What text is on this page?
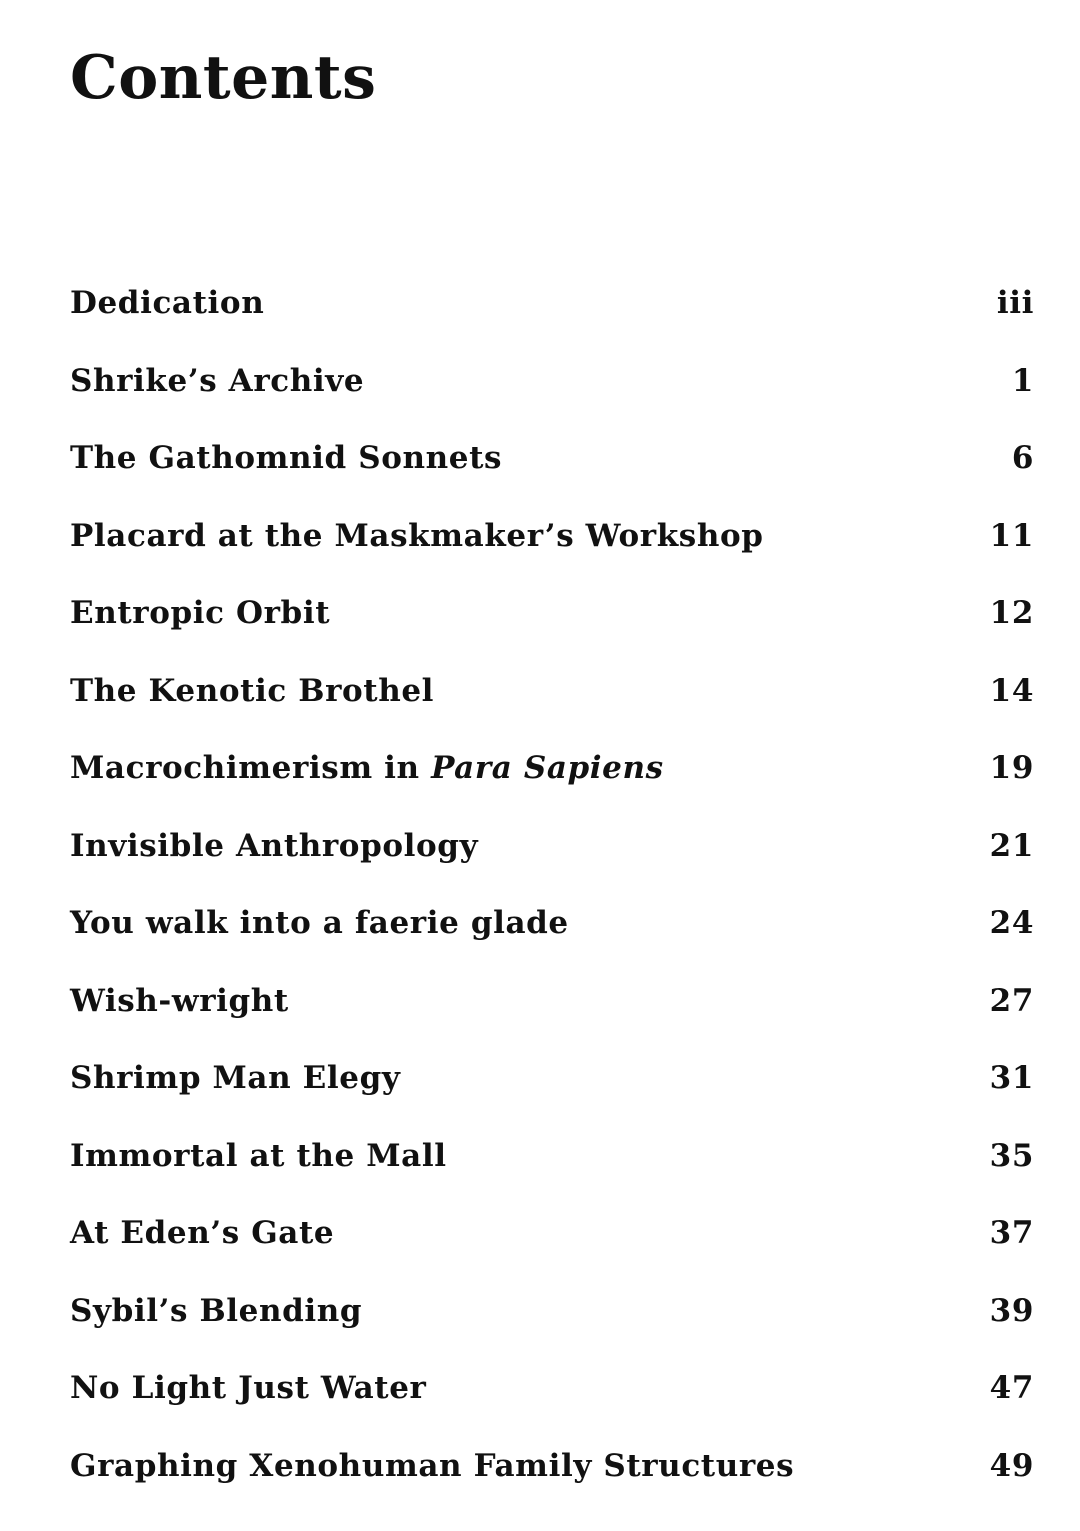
Contents
Dedication	iii
Shrike’s Archive	1
The Gathomnid Sonnets	6
Placard at the Maskmaker’s Workshop	11
Entropic Orbit	12
The Kenotic Brothel	14
Macrochimerism in Para Sapiens	19
Invisible Anthropology	21
You walk into a faerie glade	24
Wish-wright	27
Shrimp Man Elegy	31
Immortal at the Mall	35
At Eden’s Gate	37
Sybil’s Blending	39
No Light Just Water	47
Graphing Xenohuman Family Structures	49
